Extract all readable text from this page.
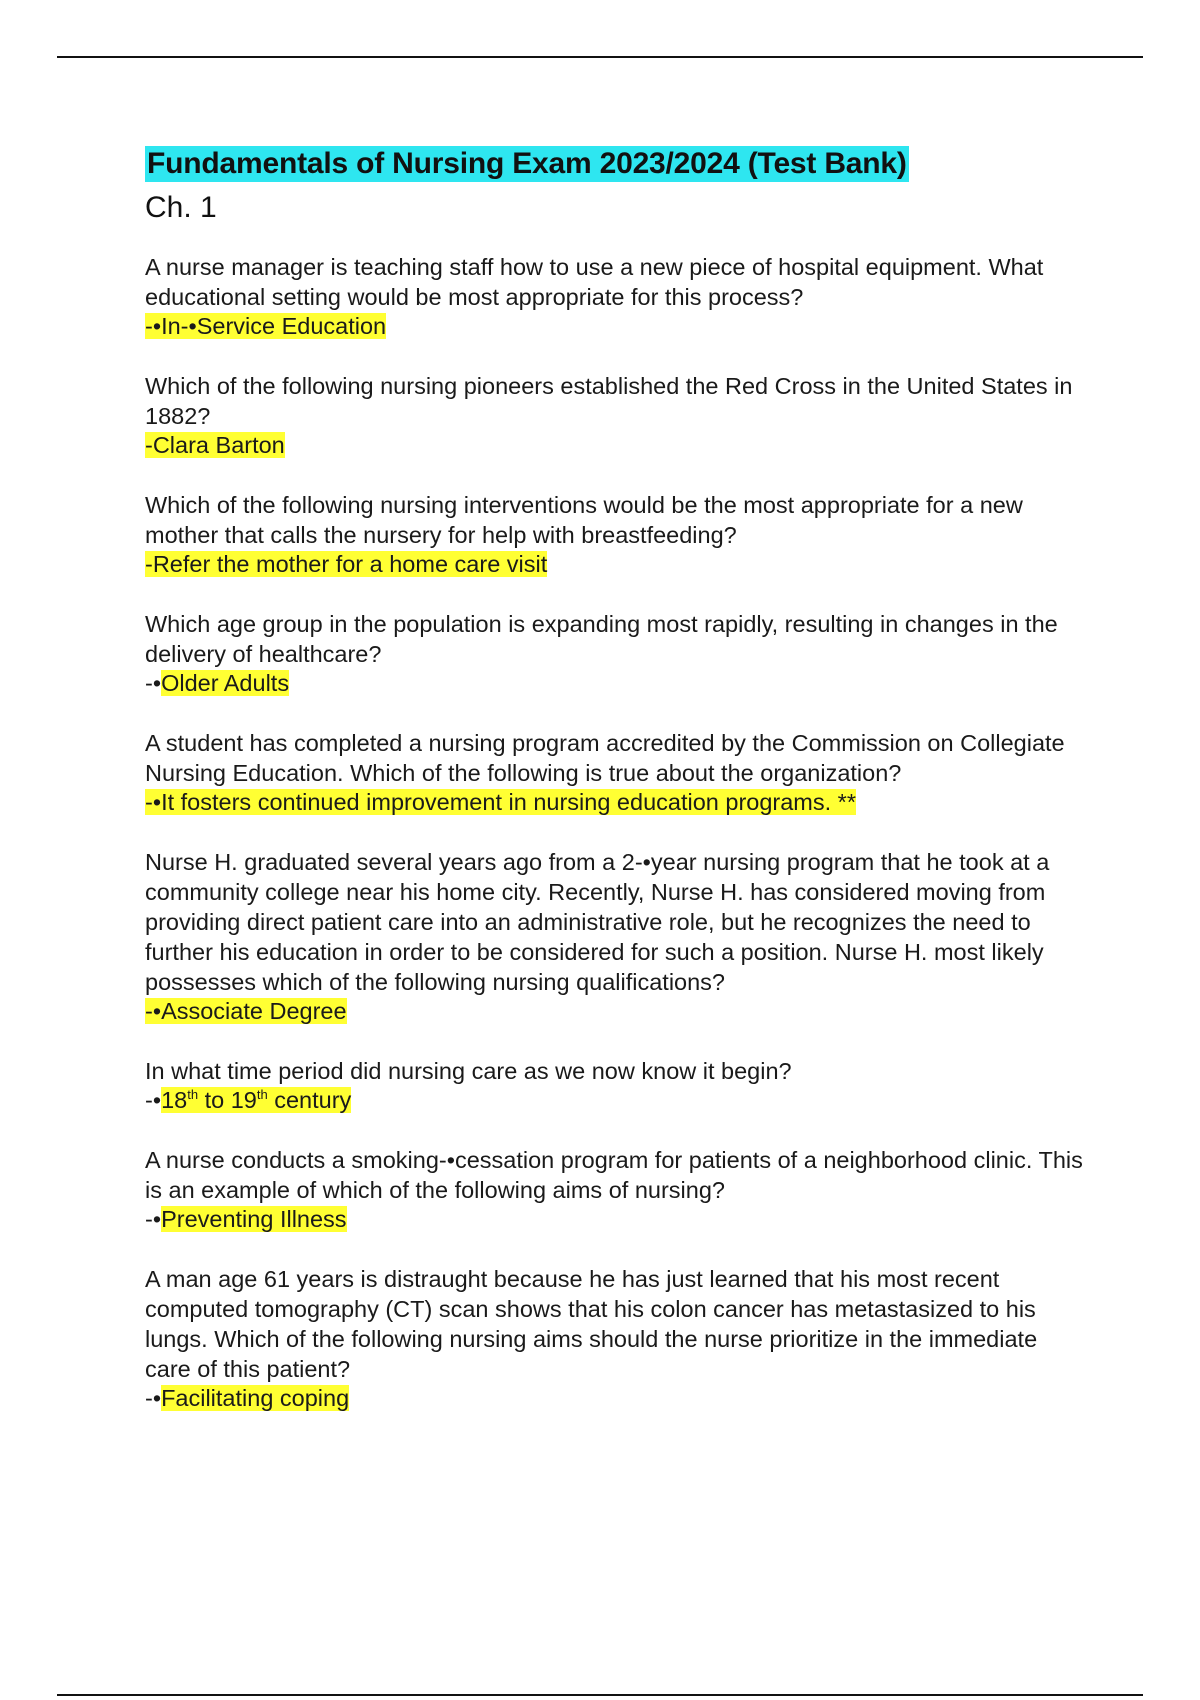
Fundamentals of Nursing Exam 2023/2024 (Test Bank)
Ch. 1
A nurse manager is teaching staff how to use a new piece of hospital equipment. What educational setting would be most appropriate for this process?
-•In-•Service Education
Which of the following nursing pioneers established the Red Cross in the United States in 1882?
-Clara Barton
Which of the following nursing interventions would be the most appropriate for a new mother that calls the nursery for help with breastfeeding?
-Refer the mother for a home care visit
Which age group in the population is expanding most rapidly, resulting in changes in the delivery of healthcare?
-•Older Adults
A student has completed a nursing program accredited by the Commission on Collegiate Nursing Education. Which of the following is true about the organization?
-•It fosters continued improvement in nursing education programs. **
Nurse H. graduated several years ago from a 2-•year nursing program that he took at a community college near his home city. Recently, Nurse H. has considered moving from providing direct patient care into an administrative role, but he recognizes the need to further his education in order to be considered for such a position. Nurse H. most likely possesses which of the following nursing qualifications?
-•Associate Degree
In what time period did nursing care as we now know it begin?
-•18th to 19th century
A nurse conducts a smoking-•cessation program for patients of a neighborhood clinic. This is an example of which of the following aims of nursing?
-•Preventing Illness
A man age 61 years is distraught because he has just learned that his most recent computed tomography (CT) scan shows that his colon cancer has metastasized to his lungs. Which of the following nursing aims should the nurse prioritize in the immediate care of this patient?
-•Facilitating coping
